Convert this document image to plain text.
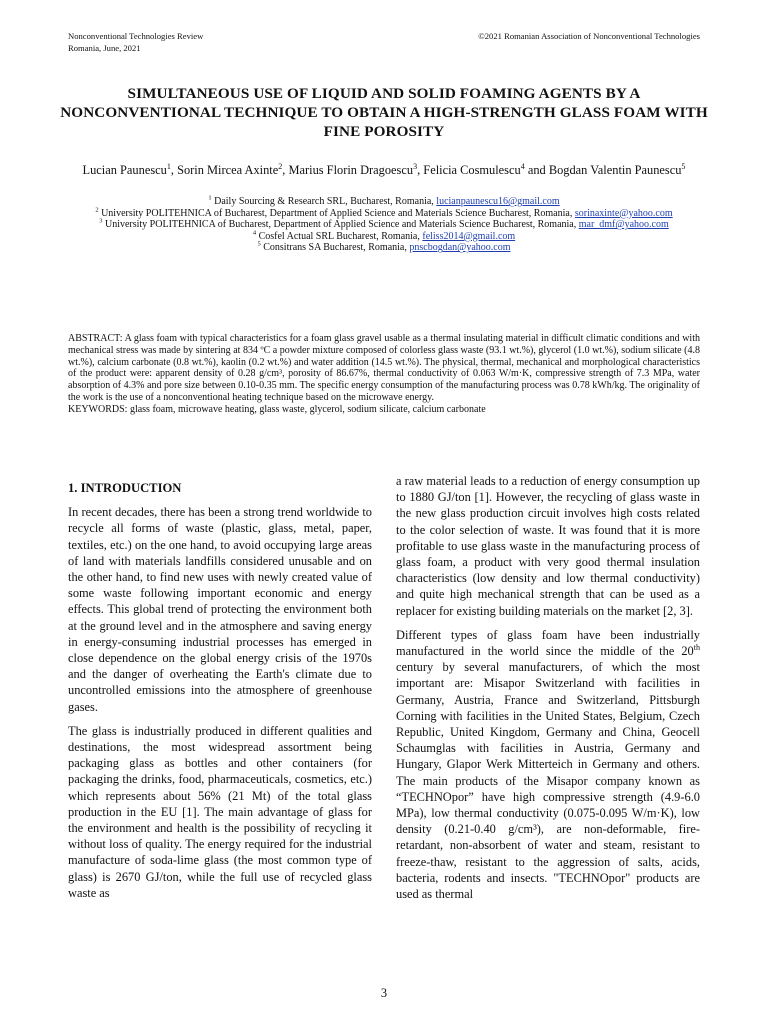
Nonconventional Technologies Review
Romania, June, 2021
©2021 Romanian Association of Nonconventional Technologies
SIMULTANEOUS USE OF LIQUID AND SOLID FOAMING AGENTS BY A NONCONVENTIONAL TECHNIQUE TO OBTAIN A HIGH-STRENGTH GLASS FOAM WITH FINE POROSITY
Lucian Paunescu$^1$, Sorin Mircea Axinte$^2$, Marius Florin Dragoescu$^3$, Felicia Cosmulescu$^4$ and Bogdan Valentin Paunescu$^5$
$^1$ Daily Sourcing & Research SRL, Bucharest, Romania, lucianpaunescu16@gmail.com
$^2$ University POLITEHNICA of Bucharest, Department of Applied Science and Materials Science Bucharest, Romania, sorinaxinte@yahoo.com
$^3$ University POLITEHNICA of Bucharest, Department of Applied Science and Materials Science Bucharest, Romania, mar_dmf@yahoo.com
$^4$ Cosfel Actual SRL Bucharest, Romania, feliss2014@gmail.com
$^5$ Consitrans SA Bucharest, Romania, pnscbogdan@yahoo.com

ABSTRACT: A glass foam with typical characteristics for a foam glass gravel usable as a thermal insulating material in difficult climatic conditions and with mechanical stress was made by sintering at 834 ºC a powder mixture composed of colorless glass waste (93.1 wt.%), glycerol (1.0 wt.%), sodium silicate (4.8 wt.%), calcium carbonate (0.8 wt.%), kaolin (0.2 wt.%) and water addition (14.5 wt.%). The physical, thermal, mechanical and morphological characteristics of the product were: apparent density of 0.28 g/cm³, porosity of 86.67%, thermal conductivity of 0.063 W/m·K, compressive strength of 7.3 MPa, water absorption of 4.3% and pore size between 0.10-0.35 mm. The specific energy consumption of the manufacturing process was 0.78 kWh/kg. The originality of the work is the use of a nonconventional heating technique based on the microwave energy.

KEYWORDS: glass foam, microwave heating, glass waste, glycerol, sodium silicate, calcium carbonate

1. INTRODUCTION

In recent decades, there has been a strong trend worldwide to recycle all forms of waste (plastic, glass, metal, paper, textiles, etc.) on the one hand, to avoid occupying large areas of land with materials landfills considered unusable and on the other hand, to find new uses with newly created value of some waste following important economic and energy effects. This global trend of protecting the environment both at the ground level and in the atmosphere and saving energy in energy-consuming industrial processes has emerged in close dependence on the global energy crisis of the 1970s and the danger of overheating the Earth's climate due to uncontrolled emissions into the atmosphere of greenhouse gases.

The glass is industrially produced in different qualities and destinations, the most widespread assortment being packaging glass as bottles and other containers (for packaging the drinks, food, pharmaceuticals, cosmetics, etc.) which represents about 56% (21 Mt) of the total glass production in the EU [1]. The main advantage of glass for the environment and health is the possibility of recycling it without loss of quality. The energy required for the industrial manufacture of soda-lime glass (the most common type of glass) is 2670 GJ/ton, while the full use of recycled glass waste as

a raw material leads to a reduction of energy consumption up to 1880 GJ/ton [1]. However, the recycling of glass waste in the new glass production circuit involves high costs related to the color selection of waste. It was found that it is more profitable to use glass waste in the manufacturing process of glass foam, a product with very good thermal insulation characteristics (low density and low thermal conductivity) and quite high mechanical strength that can be used as a replacer for existing building materials on the market [2, 3].

Different types of glass foam have been industrially manufactured in the world since the middle of the 20th century by several manufacturers, of which the most important are: Misapor Switzerland with facilities in Germany, Austria, France and Switzerland, Pittsburgh Corning with facilities in the United States, Belgium, Czech Republic, United Kingdom, Germany and China, Geocell Schaumglas with facilities in Austria, Germany and Hungary, Glapor Werk Mitterteich in Germany and others. The main products of the Misapor company known as “TECHNOpor” have high compressive strength (4.9-6.0 MPa), low thermal conductivity (0.075-0.095 W/m·K), low density (0.21-0.40 g/cm³), are non-deformable, fire-retardant, non-absorbent of water and steam, resistant to freeze-thaw, resistant to the aggression of salts, acids, bacteria, rodents and insects. "TECHNOpor" products are used as thermal

3
